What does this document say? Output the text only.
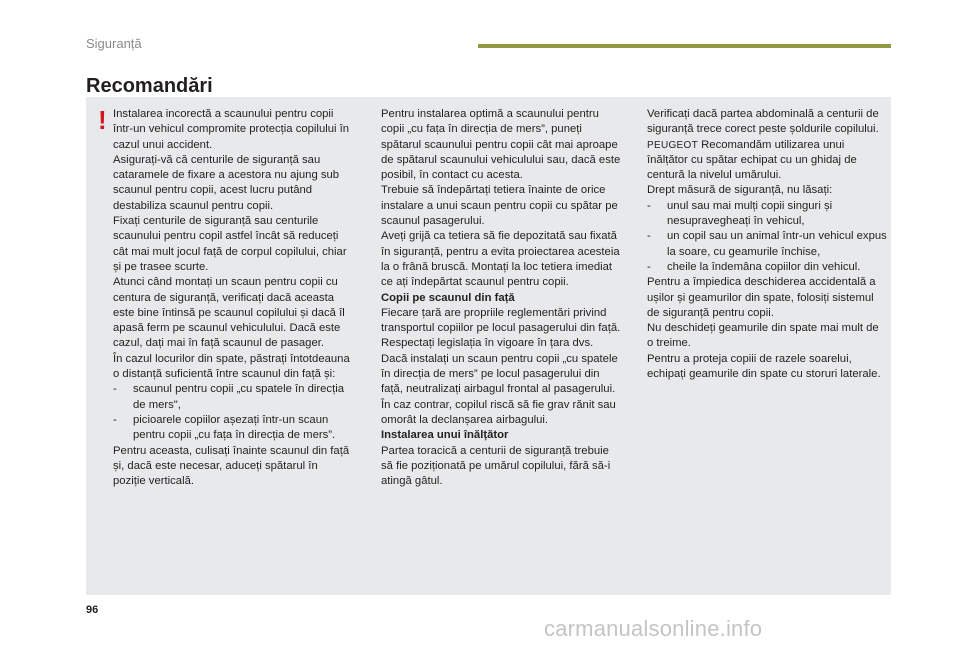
Siguranță
Recomandări
! Instalarea incorectă a scaunului pentru copii într-un vehicul compromite protecția copilului în cazul unui accident.

Asigurați-vă că centurile de siguranță sau cataramele de fixare a acestora nu ajung sub scaunul pentru copii, acest lucru putând destabiliza scaunul pentru copii.

Fixați centurile de siguranță sau centurile scaunului pentru copil astfel încât să reduceți cât mai mult jocul față de corpul copilului, chiar și pe trasee scurte.

Atunci când montați un scaun pentru copii cu centura de siguranță, verificați dacă aceasta este bine întinsă pe scaunul copilului și dacă îl apasă ferm pe scaunul vehiculului. Dacă este cazul, dați mai în față scaunul de pasager.

În cazul locurilor din spate, păstrați întotdeauna o distanță suficientă între scaunul din față și:

-	scaunul pentru copii „cu spatele în direcția de mers",
-	picioarele copiilor așezați într-un scaun pentru copii „cu fața în direcția de mers”.

Pentru aceasta, culisați înainte scaunul din față și, dacă este necesar, aduceți spătarul în poziție verticală.

Pentru instalarea optimă a scaunului pentru copii „cu fața în direcția de mers”, puneți spătarul scaunului pentru copii cât mai aproape de spătarul scaunului vehiculului sau, dacă este posibil, în contact cu acesta.

Trebuie să îndepărtați tetiera înainte de orice instalare a unui scaun pentru copii cu spătar pe scaunul pasagerului.

Aveți grijă ca tetiera să fie depozitată sau fixată în siguranță, pentru a evita proiectarea acesteia la o frână bruscă. Montați la loc tetiera imediat ce ați îndepărtat scaunul pentru copii.

Copii pe scaunul din față

Fiecare țară are propriile reglementări privind transportul copiilor pe locul pasagerului din față. Respectați legislația în vigoare în țara dvs.

Dacă instalați un scaun pentru copii „cu spatele în direcția de mers” pe locul pasagerului din față, neutralizați airbagul frontal al pasagerului.

În caz contrar, copilul riscă să fie grav rănit sau omorât la declanșarea airbagului.

Instalarea unui înălțător

Partea toracică a centurii de siguranță trebuie să fie poziționată pe umărul copilului, fără să-i atingă gâtul.

Verificați dacă partea abdominală a centurii de siguranță trece corect peste șoldurile copilului.

PEUGEOT Recomandăm utilizarea unui înălțător cu spătar echipat cu un ghidaj de centură la nivelul umărului.

Drept măsură de siguranță, nu lăsați:

-	unul sau mai mulți copii singuri și nesupravegheați în vehicul,
-	un copil sau un animal într-un vehicul expus la soare, cu geamurile închise,
-	cheile la îndemâna copiilor din vehicul.

Pentru a împiedica deschiderea accidentală a ușilor și geamurilor din spate, folosiți sistemul de siguranță pentru copii.

Nu deschideți geamurile din spate mai mult de o treime.

Pentru a proteja copiii de razele soarelui, echipați geamurile din spate cu storuri laterale.

96
carmanualsonline.info
